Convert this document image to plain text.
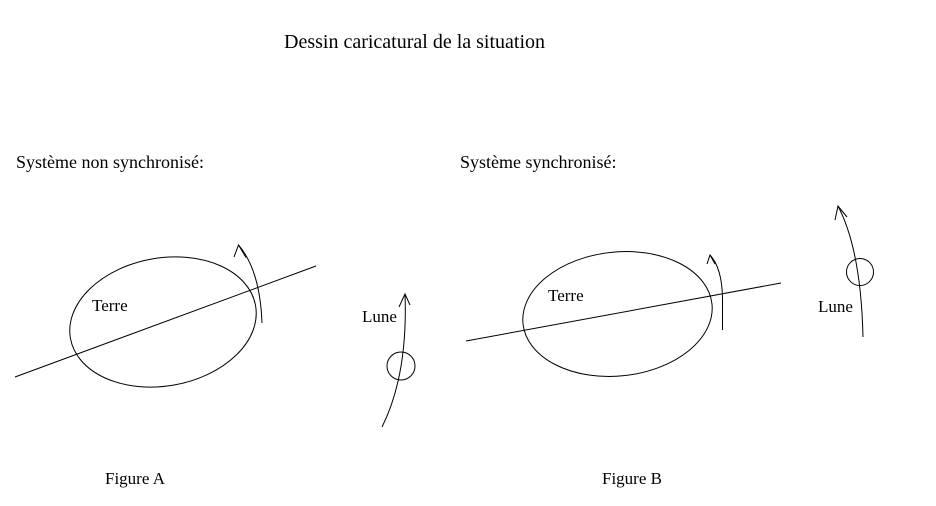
Dessin caricatural de la situation
Système non synchronisé:	Système synchronisé:
Terre
Terre
Lune
Lune
Figure A	Figure B
